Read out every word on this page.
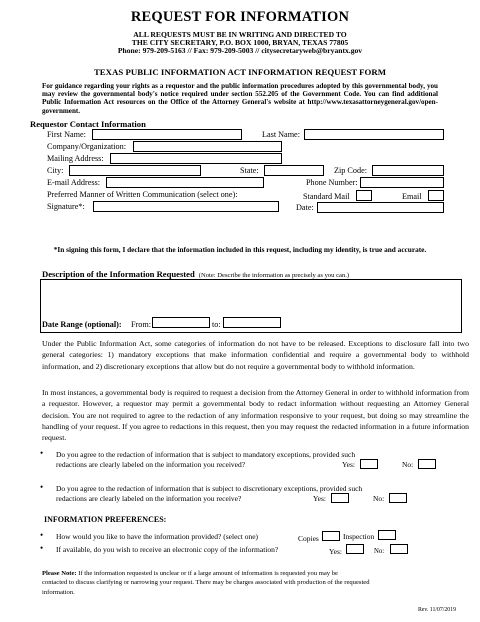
REQUEST FOR INFORMATION
ALL REQUESTS MUST BE IN WRITING AND DIRECTED TO
THE CITY SECRETARY, P.O. BOX 1000, BRYAN, TEXAS 77805
Phone: 979-209-5163 // Fax: 979-209-5003 // citysecretaryweb@bryantx.gov
TEXAS PUBLIC INFORMATION ACT INFORMATION REQUEST FORM
For guidance regarding your rights as a requestor and the public information procedures adopted by this governmental body, you may review the governmental body's notice required under section 552.205 of the Government Code. You can find additional Public Information Act resources on the Office of the Attorney General's website at http://www.texasattorneygeneral.gov/open-government.
Requestor Contact Information
First Name:	Last Name:
Company/Organization:
Mailing Address:
City:	State:	Zip Code:
E-mail Address:	Phone Number:
Preferred Manner of Written Communication (select one):	Standard Mail	Email
Signature*:	Date:
*In signing this form, I declare that the information included in this request, including my identity, is true and accurate.
Description of the Information Requested (Note: Describe the information as precisely as you can.)
Date Range (optional): From:	to:
Under the Public Information Act, some categories of information do not have to be released. Exceptions to disclosure fall into two general categories: 1) mandatory exceptions that make information confidential and require a governmental body to withhold information, and 2) discretionary exceptions that allow but do not require a governmental body to withhold information.
In most instances, a governmental body is required to request a decision from the Attorney General in order to withhold information from a requestor. However, a requestor may permit a governmental body to redact information without requesting an Attorney General decision. You are not required to agree to the redaction of any information responsive to your request, but doing so may streamline the handling of your request. If you agree to redactions in this request, then you may request the redacted information in a future information request.
• Do you agree to the redaction of information that is subject to mandatory exceptions, provided such
redactions are clearly labeled on the information you received?	Yes:	No:
• Do you agree to the redaction of information that is subject to discretionary exceptions, provided such
redactions are clearly labeled on the information you receive?	Yes:	No:
INFORMATION PREFERENCES:
• How would you like to have the information provided? (select one)	Copies	Inspection
• If available, do you wish to receive an electronic copy of the information?	Yes:	No:
Please Note: If the information requested is unclear or if a large amount of information is requested you may be
contacted to discuss clarifying or narrowing your request. There may be charges associated with production of the requested
information.
Rev. 11/07/2019
